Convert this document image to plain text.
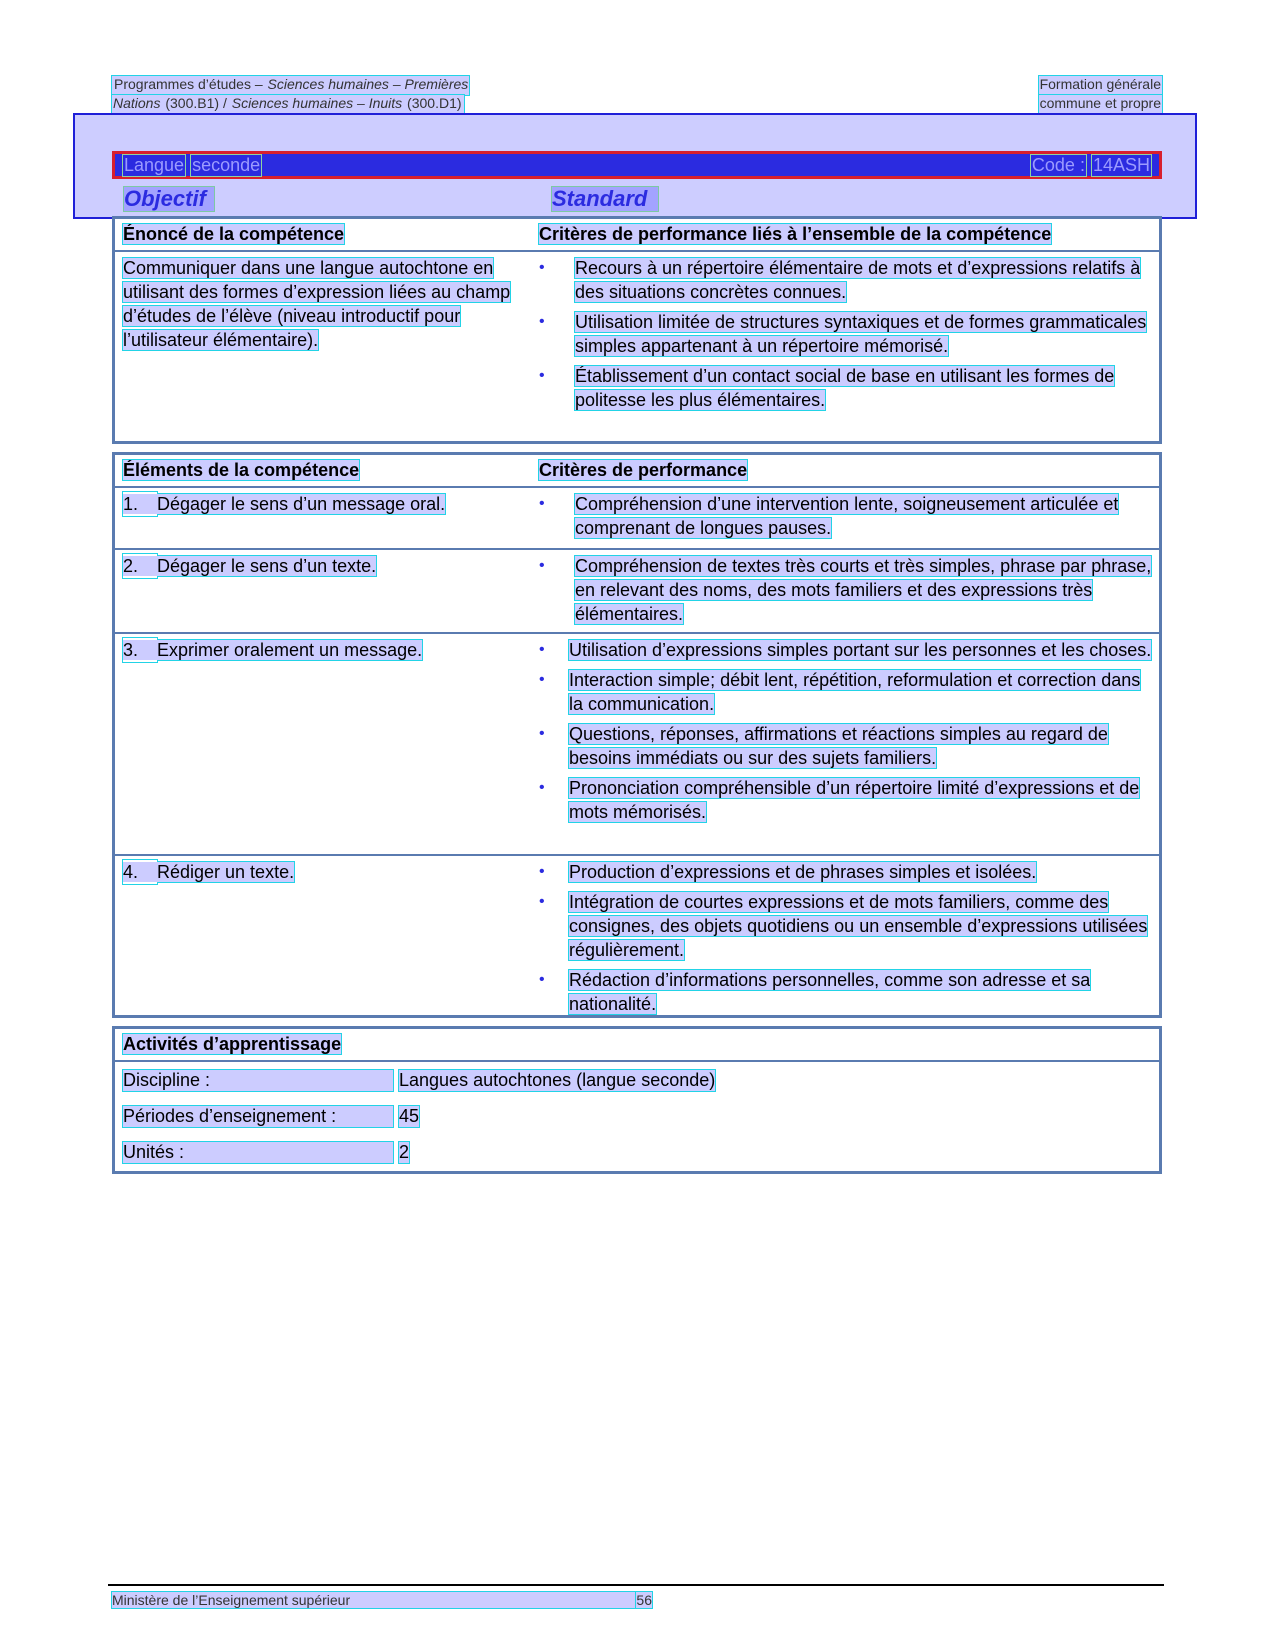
Programmes d’études – Sciences humaines – Premières	Formation générale
Nations (300.B1) / Sciences humaines – Inuits (300.D1)	commune et propre
Langue seconde	Code : 14ASH
Objectif	Standard
Énoncé de la compétence	Critères de performance liés à l’ensemble de la compétence
Communiquer dans une langue autochtone en utilisant des formes d’expression liées au champ d’études de l’élève (niveau introductif pour l’utilisateur élémentaire).
•	Recours à un répertoire élémentaire de mots et d’expressions relatifs à des situations concrètes connues.
•	Utilisation limitée de structures syntaxiques et de formes grammaticales simples appartenant à un répertoire mémorisé.
•	Établissement d’un contact social de base en utilisant les formes de politesse les plus élémentaires.
Éléments de la compétence	Critères de performance
1. Dégager le sens d’un message oral.	•	Compréhension d’une intervention lente, soigneusement articulée et comprenant de longues pauses.
2. Dégager le sens d’un texte.	•	Compréhension de textes très courts et très simples, phrase par phrase, en relevant des noms, des mots familiers et des expressions très élémentaires.
3. Exprimer oralement un message.	•	Utilisation d’expressions simples portant sur les personnes et les choses.
•	Interaction simple; débit lent, répétition, reformulation et correction dans la communication.
•	Questions, réponses, affirmations et réactions simples au regard de besoins immédiats ou sur des sujets familiers.
•	Prononciation compréhensible d’un répertoire limité d’expressions et de mots mémorisés.
4. Rédiger un texte.	•	Production d’expressions et de phrases simples et isolées.
•	Intégration de courtes expressions et de mots familiers, comme des consignes, des objets quotidiens ou un ensemble d’expressions utilisées régulièrement.
•	Rédaction d’informations personnelles, comme son adresse et sa nationalité.
Activités d’apprentissage
Discipline :	Langues autochtones (langue seconde)
Périodes d’enseignement :	45
Unités :	2
Ministère de l’Enseignement supérieur	56
